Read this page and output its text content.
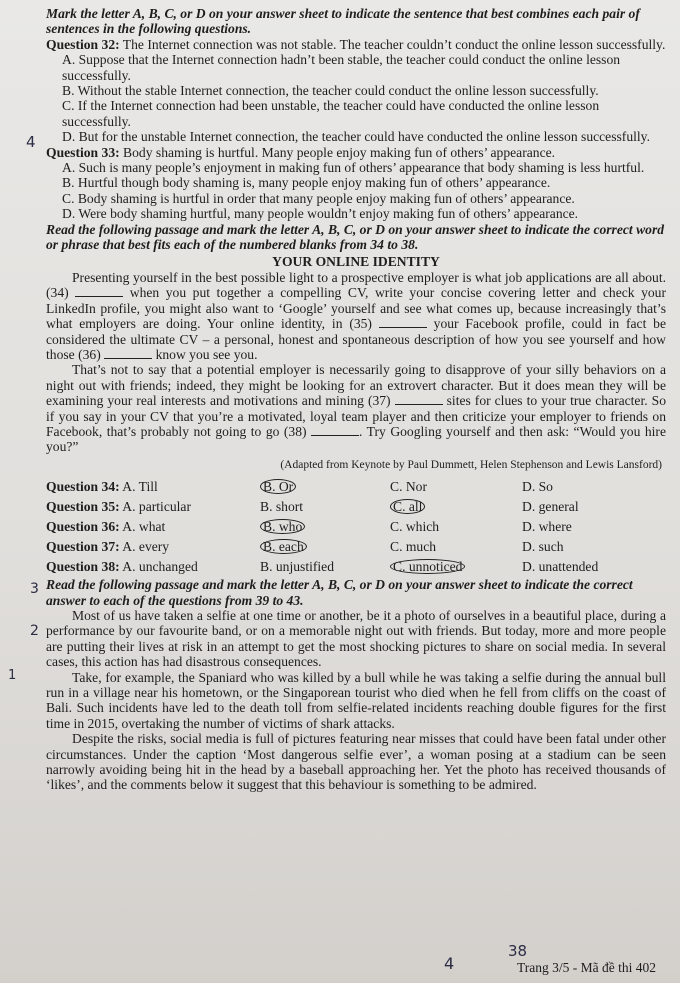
Mark the letter A, B, C, or D on your answer sheet to indicate the sentence that best combines each pair of sentences in the following questions.

Question 32: The Internet connection was not stable. The teacher couldn’t conduct the online lesson successfully.

A. Suppose that the Internet connection hadn’t been stable, the teacher could conduct the online lesson successfully.

B. Without the stable Internet connection, the teacher could conduct the online lesson successfully.

C. If the Internet connection had been unstable, the teacher could have conducted the online lesson successfully.

D. But for the unstable Internet connection, the teacher could have conducted the online lesson successfully.

Question 33: Body shaming is hurtful. Many people enjoy making fun of others’ appearance.

A. Such is many people’s enjoyment in making fun of others’ appearance that body shaming is less hurtful.

B. Hurtful though body shaming is, many people enjoy making fun of others’ appearance.

C. Body shaming is hurtful in order that many people enjoy making fun of others’ appearance.

D. Were body shaming hurtful, many people wouldn’t enjoy making fun of others’ appearance.

Read the following passage and mark the letter A, B, C, or D on your answer sheet to indicate the correct word or phrase that best fits each of the numbered blanks from 34 to 38.

YOUR ONLINE IDENTITY

Presenting yourself in the best possible light to a prospective employer is what job applications are all about. (34)	when you put together a compelling CV, write your concise covering letter and check your LinkedIn profile, you might also want to ‘Google’ yourself and see what comes up, because increasingly that’s what employers are doing. Your online identity, in (35)	your Facebook profile, could in fact be considered the ultimate CV – a personal, honest and spontaneous description of how you see yourself and how those (36)	know you see you.

That’s not to say that a potential employer is necessarily going to disapprove of your silly behaviors on a night out with friends; indeed, they might be looking for an extrovert character. But it does mean they will be examining your real interests and motivations and mining (37)	sites for clues to your true character. So if you say in your CV that you’re a motivated, loyal team player and then criticize your employer to friends on Facebook, that’s probably not going to go (38)	. Try Googling yourself and then ask: “Would you hire you?”

(Adapted from Keynote by Paul Dummett, Helen Stephenson and Lewis Lansford)

Question 34: A. Till	B. Or	C. Nor	D. So
Question 35: A. particular	B. short	C. all	D. general
Question 36: A. what	B. who	C. which	D. where
Question 37: A. every	B. each	C. much	D. such
Question 38: A. unchanged	B. unjustified	C. unnoticed	D. unattended

Read the following passage and mark the letter A, B, C, or D on your answer sheet to indicate the correct answer to each of the questions from 39 to 43.

Most of us have taken a selfie at one time or another, be it a photo of ourselves in a beautiful place, during a performance by our favourite band, or on a memorable night out with friends. But today, more and more people are putting their lives at risk in an attempt to get the most shocking pictures to share on social media. In several cases, this action has had disastrous consequences.

Take, for example, the Spaniard who was killed by a bull while he was taking a selfie during the annual bull run in a village near his hometown, or the Singaporean tourist who died when he fell from cliffs on the coast of Bali. Such incidents have led to the death toll from selfie-related incidents reaching double figures for the first time in 2015, overtaking the number of victims of shark attacks.

Despite the risks, social media is full of pictures featuring near misses that could have been fatal under other circumstances. Under the caption ‘Most dangerous selfie ever’, a woman posing at a stadium can be seen narrowly avoiding being hit in the head by a baseball approaching her. Yet the photo has received thousands of ‘likes’, and the comments below it suggest that this behaviour is something to be admired.

4
3
2
1
38
4	Trang 3/5 - Mã đề thi 402
